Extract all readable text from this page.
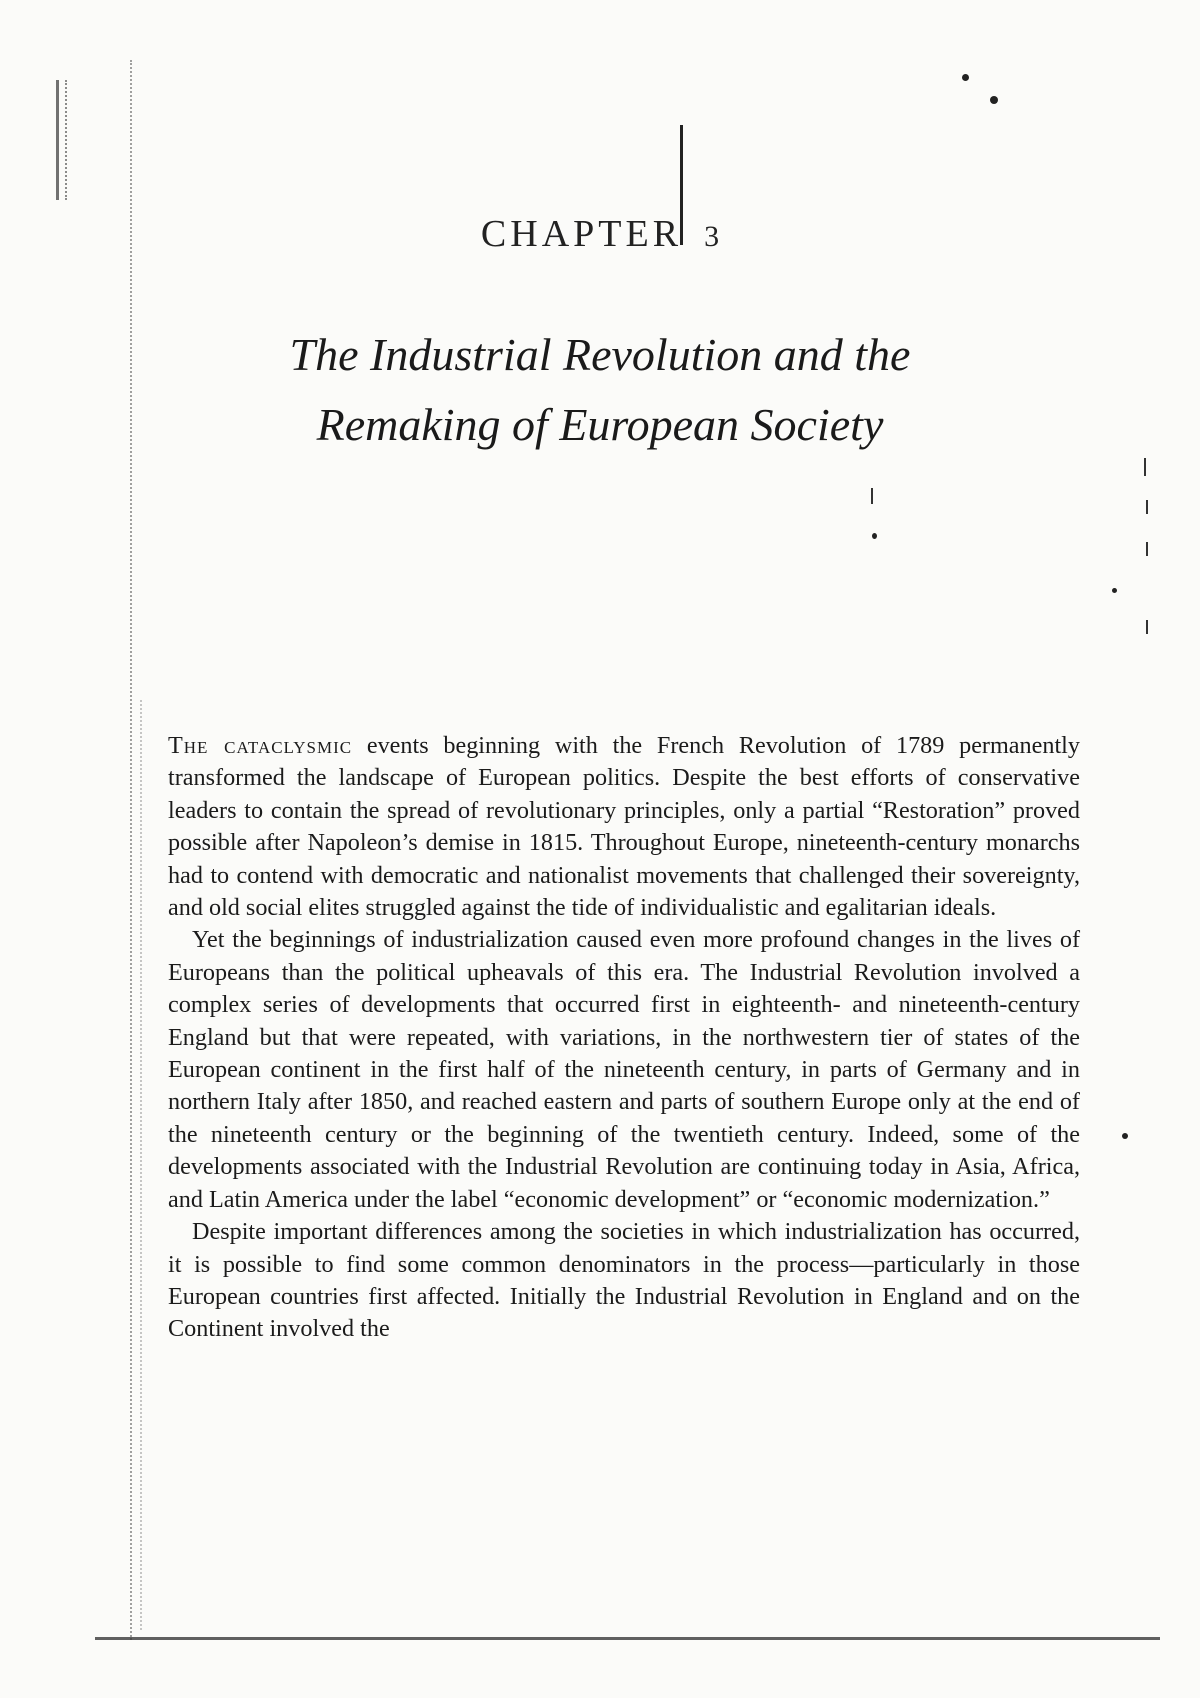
CHAPTER 3
The Industrial Revolution and the
Remaking of European Society

The cataclysmic events beginning with the French Revolution of 1789 permanently transformed the landscape of European politics. Despite the best efforts of conservative leaders to contain the spread of revolutionary principles, only a partial “Restoration” proved possible after Napoleon’s demise in 1815. Throughout Europe, nineteenth-century monarchs had to contend with democratic and nationalist movements that challenged their sovereignty, and old social elites struggled against the tide of individualistic and egalitarian ideals.

Yet the beginnings of industrialization caused even more profound changes in the lives of Europeans than the political upheavals of this era. The Industrial Revolution involved a complex series of developments that occurred first in eighteenth- and nineteenth-century England but that were repeated, with variations, in the northwestern tier of states of the European continent in the first half of the nineteenth century, in parts of Germany and in northern Italy after 1850, and reached eastern and parts of southern Europe only at the end of the nineteenth century or the beginning of the twentieth century. Indeed, some of the developments associated with the Industrial Revolution are continuing today in Asia, Africa, and Latin America under the label “economic development” or “economic modernization.”

Despite important differences among the societies in which industrialization has occurred, it is possible to find some common denominators in the process—particularly in those European countries first affected. Initially the Industrial Revolution in England and on the Continent involved the
